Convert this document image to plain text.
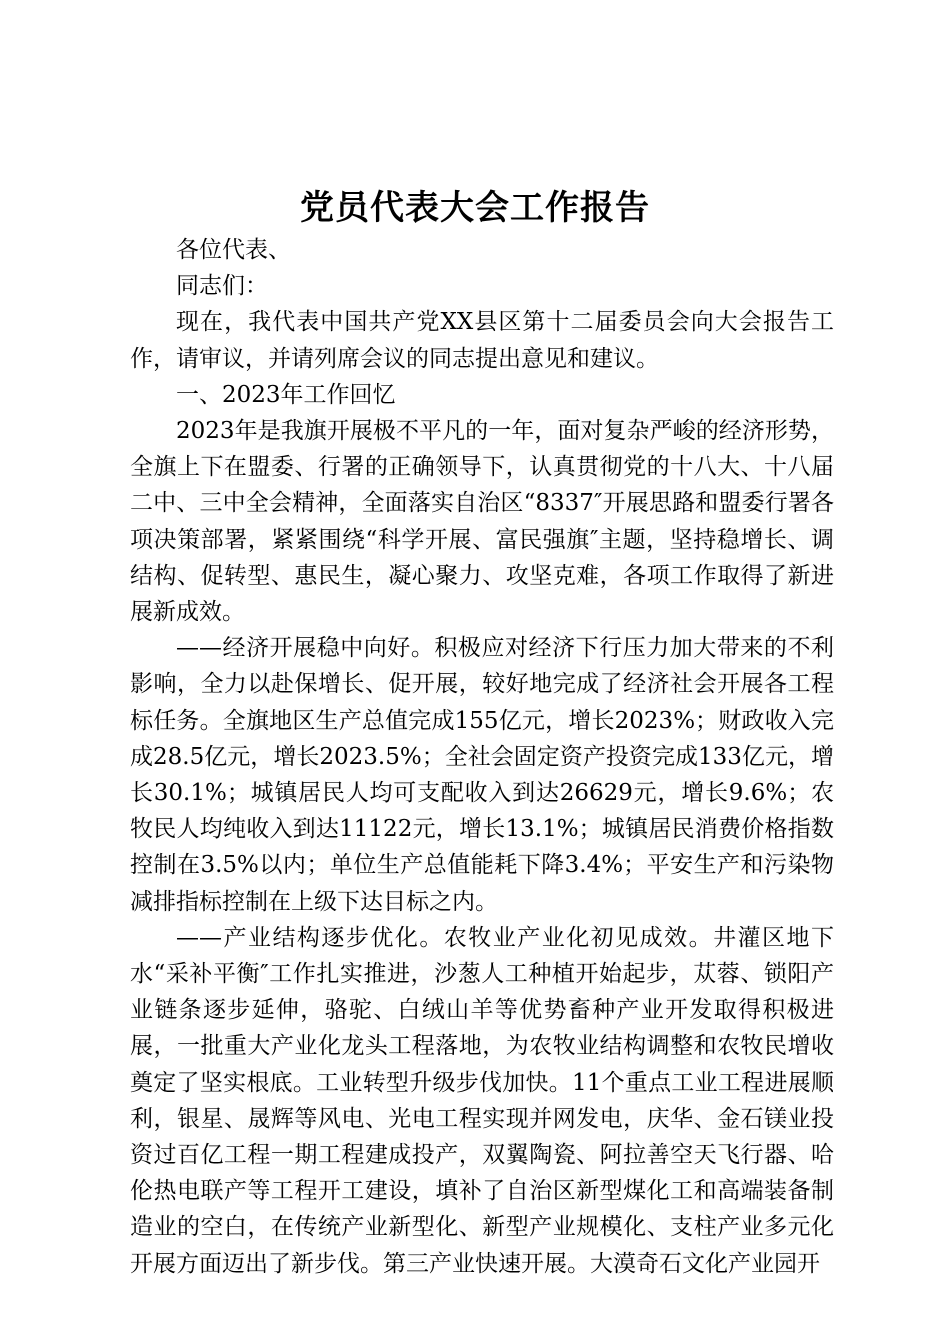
党员代表大会工作报告

各位代表、

同志们：

现在，我代表中国共产党XX县区第十二届委员会向大会报告工作，请审议，并请列席会议的同志提出意见和建议。

一、2023年工作回忆

2023年是我旗开展极不平凡的一年，面对复杂严峻的经济形势，全旗上下在盟委、行署的正确领导下，认真贯彻党的十八大、十八届二中、三中全会精神，全面落实自治区“8337″开展思路和盟委行署各项决策部署，紧紧围绕“科学开展、富民强旗″主题，坚持稳增长、调结构、促转型、惠民生，凝心聚力、攻坚克难，各项工作取得了新进展新成效。

——经济开展稳中向好。积极应对经济下行压力加大带来的不利影响，全力以赴保增长、促开展，较好地完成了经济社会开展各工程标任务。全旗地区生产总值完成155亿元，增长2023%；财政收入完成28.5亿元，增长2023.5%；全社会固定资产投资完成133亿元，增长30.1%；城镇居民人均可支配收入到达26629元，增长9.6%；农牧民人均纯收入到达11122元，增长13.1%；城镇居民消费价格指数控制在3.5%以内；单位生产总值能耗下降3.4%；平安生产和污染物减排指标控制在上级下达目标之内。

——产业结构逐步优化。农牧业产业化初见成效。井灌区地下水“采补平衡″工作扎实推进，沙葱人工种植开始起步，苁蓉、锁阳产业链条逐步延伸，骆驼、白绒山羊等优势畜种产业开发取得积极进展，一批重大产业化龙头工程落地，为农牧业结构调整和农牧民增收奠定了坚实根底。工业转型升级步伐加快。11个重点工业工程进展顺利，银星、晟辉等风电、光电工程实现并网发电，庆华、金石镁业投资过百亿工程一期工程建成投产，双翼陶瓷、阿拉善空天飞行器、哈伦热电联产等工程开工建设，填补了自治区新型煤化工和高端装备制造业的空白，在传统产业新型化、新型产业规模化、支柱产业多元化开展方面迈出了新步伐。第三产业快速开展。大漠奇石文化产业园开
